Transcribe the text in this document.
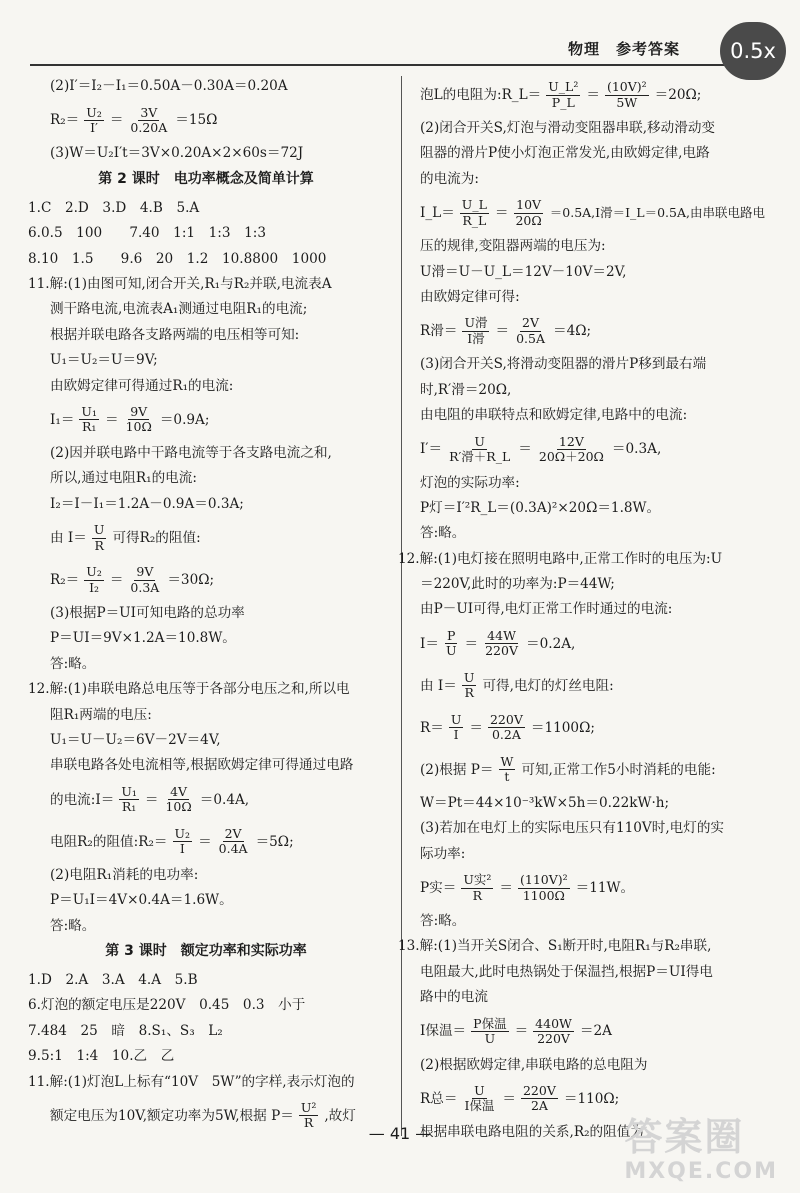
物理　参考答案	0.5x
(2)I′＝I₂－I₁＝0.50A－0.30A＝0.20A
$R_2= \frac{\text{U₂}}{I'} = \frac{3V}{0.20A} =15\Omega$
(3)W＝U₂I′t＝3V×0.20A×2×60s＝72J
第 2 课时　电功率概念及简单计算
1.C　2.D　3.D　4.B　5.A
6.0.5　100　　7.40　1:1　1:3　1:3
8.10　1.5　　9.6　20　1.2　10.8800　1000
11.解:(1)由图可知,闭合开关,R₁与R₂并联,电流表A
测干路电流,电流表A₁测通过电阻R₁的电流;
根据并联电路各支路两端的电压相等可知:
U₁＝U₂＝U＝9V;
由欧姆定律可得通过R₁的电流:
$I_1= \frac{\text{U₁}}{\text{R₁}} = \frac{9V}{10\Omega} =0.9A$;
(2)因并联电路中干路电流等于各支路电流之和,
所以,通过电阻R₁的电流:
I₂＝I－I₁＝1.2A－0.9A＝0.3A;
由 $I= \frac{U}{R}$ 可得R₂的阻值:
$R_2= \frac{\text{U₂}}{\text{I₂}} = \frac{9V}{0.3A} =30\Omega$;
(3)根据P＝UI可知电路的总功率
P＝UI＝9V×1.2A＝10.8W。
答:略。
12.解:(1)串联电路总电压等于各部分电压之和,所以电
阻R₁两端的电压:
U₁＝U－U₂＝6V－2V＝4V,
串联电路各处电流相等,根据欧姆定律可得通过电路
的电流:I＝ $\frac{\text{U₁}}{\text{R₁}} = \frac{4V}{10\Omega} =0.4A$,
电阻R₂的阻值:R₂＝ $\frac{\text{U₂}}{I} = \frac{2V}{0.4A} =5\Omega$;
(2)电阻R₁消耗的电功率:
P＝U₁I＝4V×0.4A＝1.6W。
答:略。
第 3 课时　额定功率和实际功率
1.D　2.A　3.A　4.A　5.B
6.灯泡的额定电压是220V　0.45　0.3　小于
7.484　25　暗　8.S₁、S₃　L₂
9.5:1　1:4　10.乙　乙
11.解:(1)灯泡L上标有“10V　5W”的字样,表示灯泡的
额定电压为10V,额定功率为5W,根据 $P= \frac{\text{U²}}{R}$ ,故灯
泡L的电阻为:R_L＝ $\frac{\text{U\_L²}}{P\_L} = \frac{\text{(10V)²}}{5W} =20\Omega$;
(2)闭合开关S,灯泡与滑动变阻器串联,移动滑动变
阻器的滑片P使小灯泡正常发光,由欧姆定律,电路
的电流为:
I_L＝ $\frac{U\_L}{R\_L} = \frac{10V}{20\Omega} =0.5A,I$滑＝I_L＝0.5A,由串联电路电
压的规律,变阻器两端的电压为:
U滑＝U－U_L＝12V－10V＝2V,
由欧姆定律可得:
R滑＝ $\frac{\text{U滑}}{\text{I滑}} = \frac{2V}{0.5A} =4\Omega$;
(3)闭合开关S,将滑动变阻器的滑片P移到最右端
时,R′滑＝20Ω,
由电阻的串联特点和欧姆定律,电路中的电流:
$I'= \frac{U}{\text{R′滑＋R\_L}} = \frac{12V}{20\Omega+20\Omega} =0.3A$,
灯泡的实际功率:
P灯＝I′²R_L＝(0.3A)²×20Ω＝1.8W。
答:略。
12.解:(1)电灯接在照明电路中,正常工作时的电压为:U
＝220V,此时的功率为:P＝44W;
由P－UI可得,电灯正常工作时通过的电流:
$I= \frac{P}{U} = \frac{44W}{220V} =0.2A$,
由 $I= \frac{U}{R}$ 可得,电灯的灯丝电阻:
$R= \frac{U}{I} = \frac{220V}{0.2A} =1100\Omega$;
(2)根据 $P= \frac{W}{t}$ 可知,正常工作5小时消耗的电能:
W＝Pt＝44×10⁻³kW×5h＝0.22kW·h;
(3)若加在电灯上的实际电压只有110V时,电灯的实
际功率:
P实＝ $\frac{\text{U实²}}{R} = \frac{\text{(110V)²}}{1100\Omega} =11W$。
答:略。
13.解:(1)当开关S闭合、S₁断开时,电阻R₁与R₂串联,
电阻最大,此时电热锅处于保温挡,根据P＝UI得电
路中的电流
I保温＝ $\frac{\text{P保温}}{U} = \frac{440W}{220V} =2A$
(2)根据欧姆定律,串联电路的总电阻为
R总＝ $\frac{U}{\text{I保温}} = \frac{220V}{2A} =110\Omega$;
根据串联电路电阻的关系,R₂的阻值为
— 41 —	答案圈
MXQE.COM
